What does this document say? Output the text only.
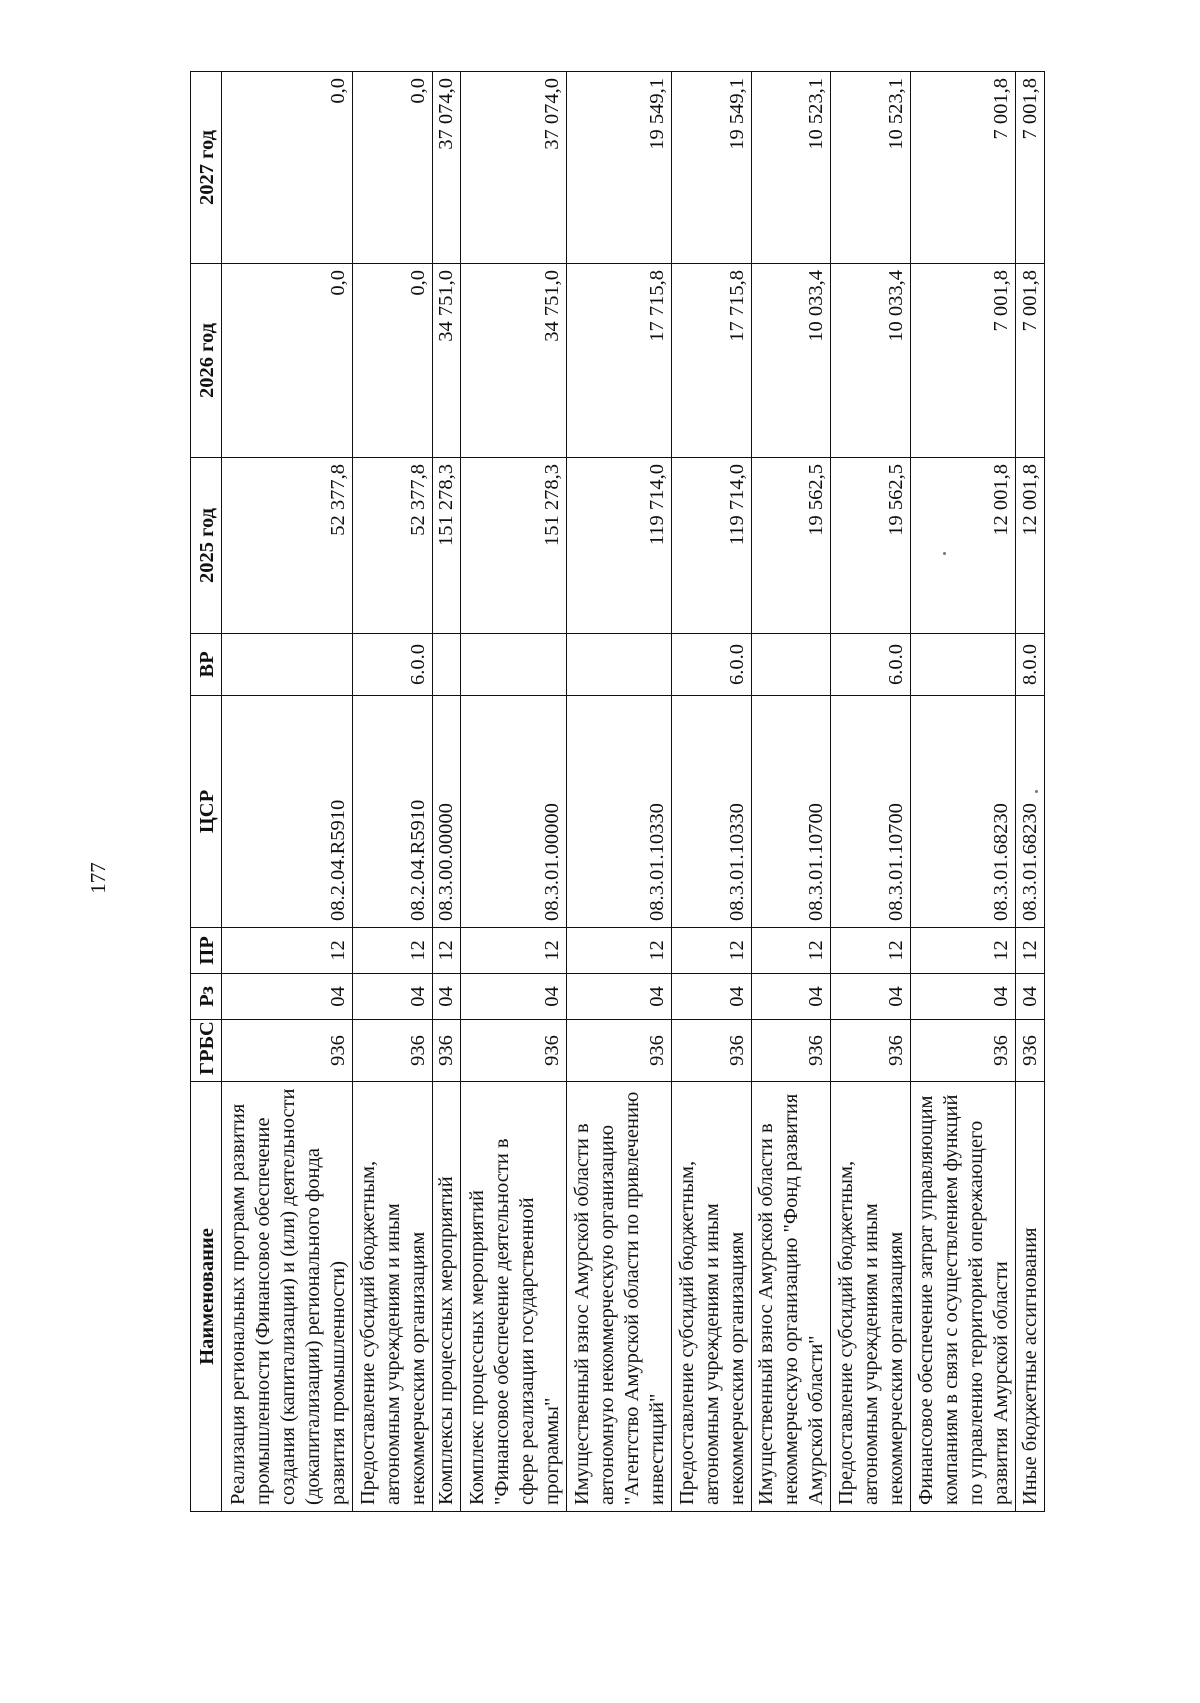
177
Наименование	ГРБС	Рз	ПР	ЦСР	ВР	2025 год	2026 год	2027 год
Реализация региональных программ развития промышленности (Финансовое обеспечение создания (капитализации) и (или) деятельности (докапитализации) регионального фонда развития промышленности)	936	04	12	08.2.04.R5910		52 377,8	0,0	0,0
Предоставление субсидий бюджетным, автономным учреждениям и иным некоммерческим организациям	936	04	12	08.2.04.R5910	6.0.0	52 377,8	0,0	0,0
Комплексы процессных мероприятий	936	04	12	08.3.00.00000		151 278,3	34 751,0	37 074,0
Комплекс процессных мероприятий "Финансовое обеспечение деятельности в сфере реализации государственной программы"	936	04	12	08.3.01.00000		151 278,3	34 751,0	37 074,0
Имущественный взнос Амурской области в автономную некоммерческую организацию "Агентство Амурской области по привлечению инвестиций"	936	04	12	08.3.01.10330		119 714,0	17 715,8	19 549,1
Предоставление субсидий бюджетным, автономным учреждениям и иным некоммерческим организациям	936	04	12	08.3.01.10330	6.0.0	119 714,0	17 715,8	19 549,1
Имущественный взнос Амурской области в некоммерческую организацию "Фонд развития Амурской области"	936	04	12	08.3.01.10700		19 562,5	10 033,4	10 523,1
Предоставление субсидий бюджетным, автономным учреждениям и иным некоммерческим организациям	936	04	12	08.3.01.10700	6.0.0	19 562,5	10 033,4	10 523,1
Финансовое обеспечение затрат управляющим компаниям в связи с осуществлением функций по управлению территорией опережающего развития Амурской области	936	04	12	08.3.01.68230		12 001,8	7 001,8	7 001,8
Иные бюджетные ассигнования	936	04	12	08.3.01.68230	8.0.0	12 001,8	7 001,8	7 001,8
